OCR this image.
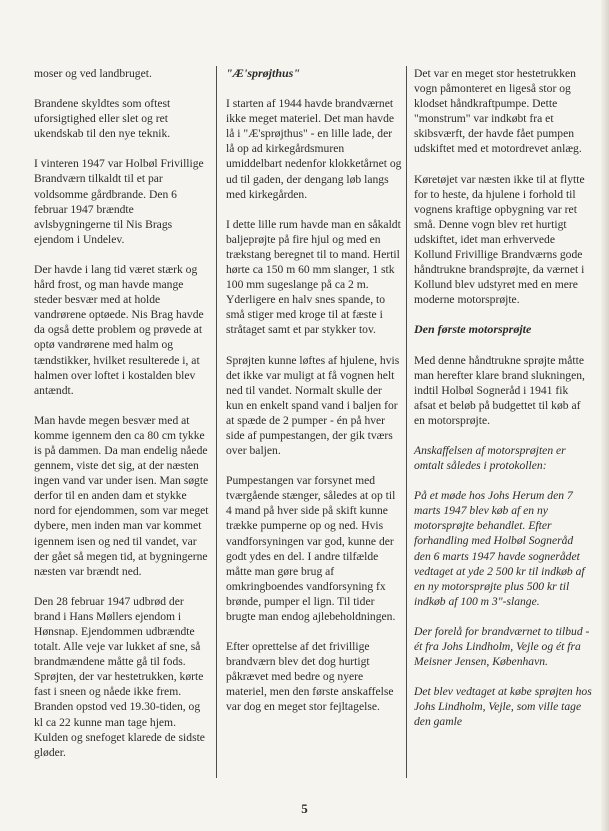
moser og ved landbruget.

Brandene skyldtes som oftest uforsigtighed eller slet og ret ukendskab til den nye teknik.

I vinteren 1947 var Holbøl Frivillige Brandværn tilkaldt til et par voldsomme gårdbrande. Den 6 februar 1947 brændte avlsbygningerne til Nis Brags ejendom i Undelev.

Der havde i lang tid været stærk og hård frost, og man havde mange steder besvær med at holde vandrørene optøede. Nis Brag havde da også dette problem og prøvede at optø vandrørene med halm og tændstikker, hvilket resulterede i, at halmen over loftet i kostalden blev antændt.

Man havde megen besvær med at komme igennem den ca 80 cm tykke is på dammen. Da man endelig nåede gennem, viste det sig, at der næsten ingen vand var under isen. Man søgte derfor til en anden dam et stykke nord for ejendommen, som var meget dybere, men inden man var kommet igennem isen og ned til vandet, var der gået så megen tid, at bygningerne næsten var brændt ned.

Den 28 februar 1947 udbrød der brand i Hans Møllers ejendom i Hønsnap. Ejendommen udbrændte totalt. Alle veje var lukket af sne, så brandmændene måtte gå til fods. Sprøjten, der var hestetrukken, kørte fast i sneen og nåede ikke frem. Branden opstod ved 19.30-tiden, og kl ca 22 kunne man tage hjem. Kulden og snefoget klarede de sidste gløder.

"Æ'sprøjthus"

I starten af 1944 havde brandværnet ikke meget materiel. Det man havde lå i "Æ'sprøjthus" - en lille lade, der lå op ad kirkegårdsmuren umiddelbart nedenfor klokketårnet og ud til gaden, der dengang løb langs med kirkegården.

I dette lille rum havde man en såkaldt baljeprøjte på fire hjul og med en trækstang beregnet til to mand. Hertil hørte ca 150 m 60 mm slanger, 1 stk 100 mm sugeslange på ca 2 m. Yderligere en halv snes spande, to små stiger med kroge til at fæste i stråtaget samt et par stykker tov.

Sprøjten kunne løftes af hjulene, hvis det ikke var muligt at få vognen helt ned til vandet. Normalt skulle der kun en enkelt spand vand i baljen for at spæde de 2 pumper - én på hver side af pumpestangen, der gik tværs over baljen.

Pumpestangen var forsynet med tværgående stænger, således at op til 4 mand på hver side på skift kunne trække pumperne op og ned. Hvis vandforsyningen var god, kunne der godt ydes en del. I andre tilfælde måtte man gøre brug af omkringboendes vandforsyning fx brønde, pumper el lign. Til tider brugte man endog ajlebeholdningen.

Efter oprettelse af det frivillige brandværn blev det dog hurtigt påkrævet med bedre og nyere materiel, men den første anskaffelse var dog en meget stor fejltagelse.

Det var en meget stor hestetrukken vogn påmonteret en ligeså stor og klodset håndkraftpumpe. Dette "monstrum" var indkøbt fra et skibsværft, der havde fået pumpen udskiftet med et motordrevet anlæg.

Køretøjet var næsten ikke til at flytte for to heste, da hjulene i forhold til vognens kraftige opbygning var ret små. Denne vogn blev ret hurtigt udskiftet, idet man erhvervede Kollund Frivillige Brandværns gode håndtrukne brandsprøjte, da værnet i Kollund blev udstyret med en mere moderne motorsprøjte.

Den første motorsprøjte

Med denne håndtrukne sprøjte måtte man herefter klare brand slukningen, indtil Holbøl Sogneråd i 1941 fik afsat et beløb på budgettet til køb af en motorsprøjte.

Anskaffelsen af motorsprøjten er omtalt således i protokollen:

På et møde hos Johs Herum den 7 marts 1947 blev køb af en ny motorsprøjte behandlet. Efter forhandling med Holbøl Sogneråd den 6 marts 1947 havde sognerådet vedtaget at yde 2 500 kr til indkøb af en ny motorsprøjte plus 500 kr til indkøb af 100 m 3"-slange.

Der forelå for brandværnet to tilbud - ét fra Johs Lindholm, Vejle og ét fra Meisner Jensen, København.

Det blev vedtaget at købe sprøjten hos Johs Lindholm, Vejle, som ville tage den gamle

5
